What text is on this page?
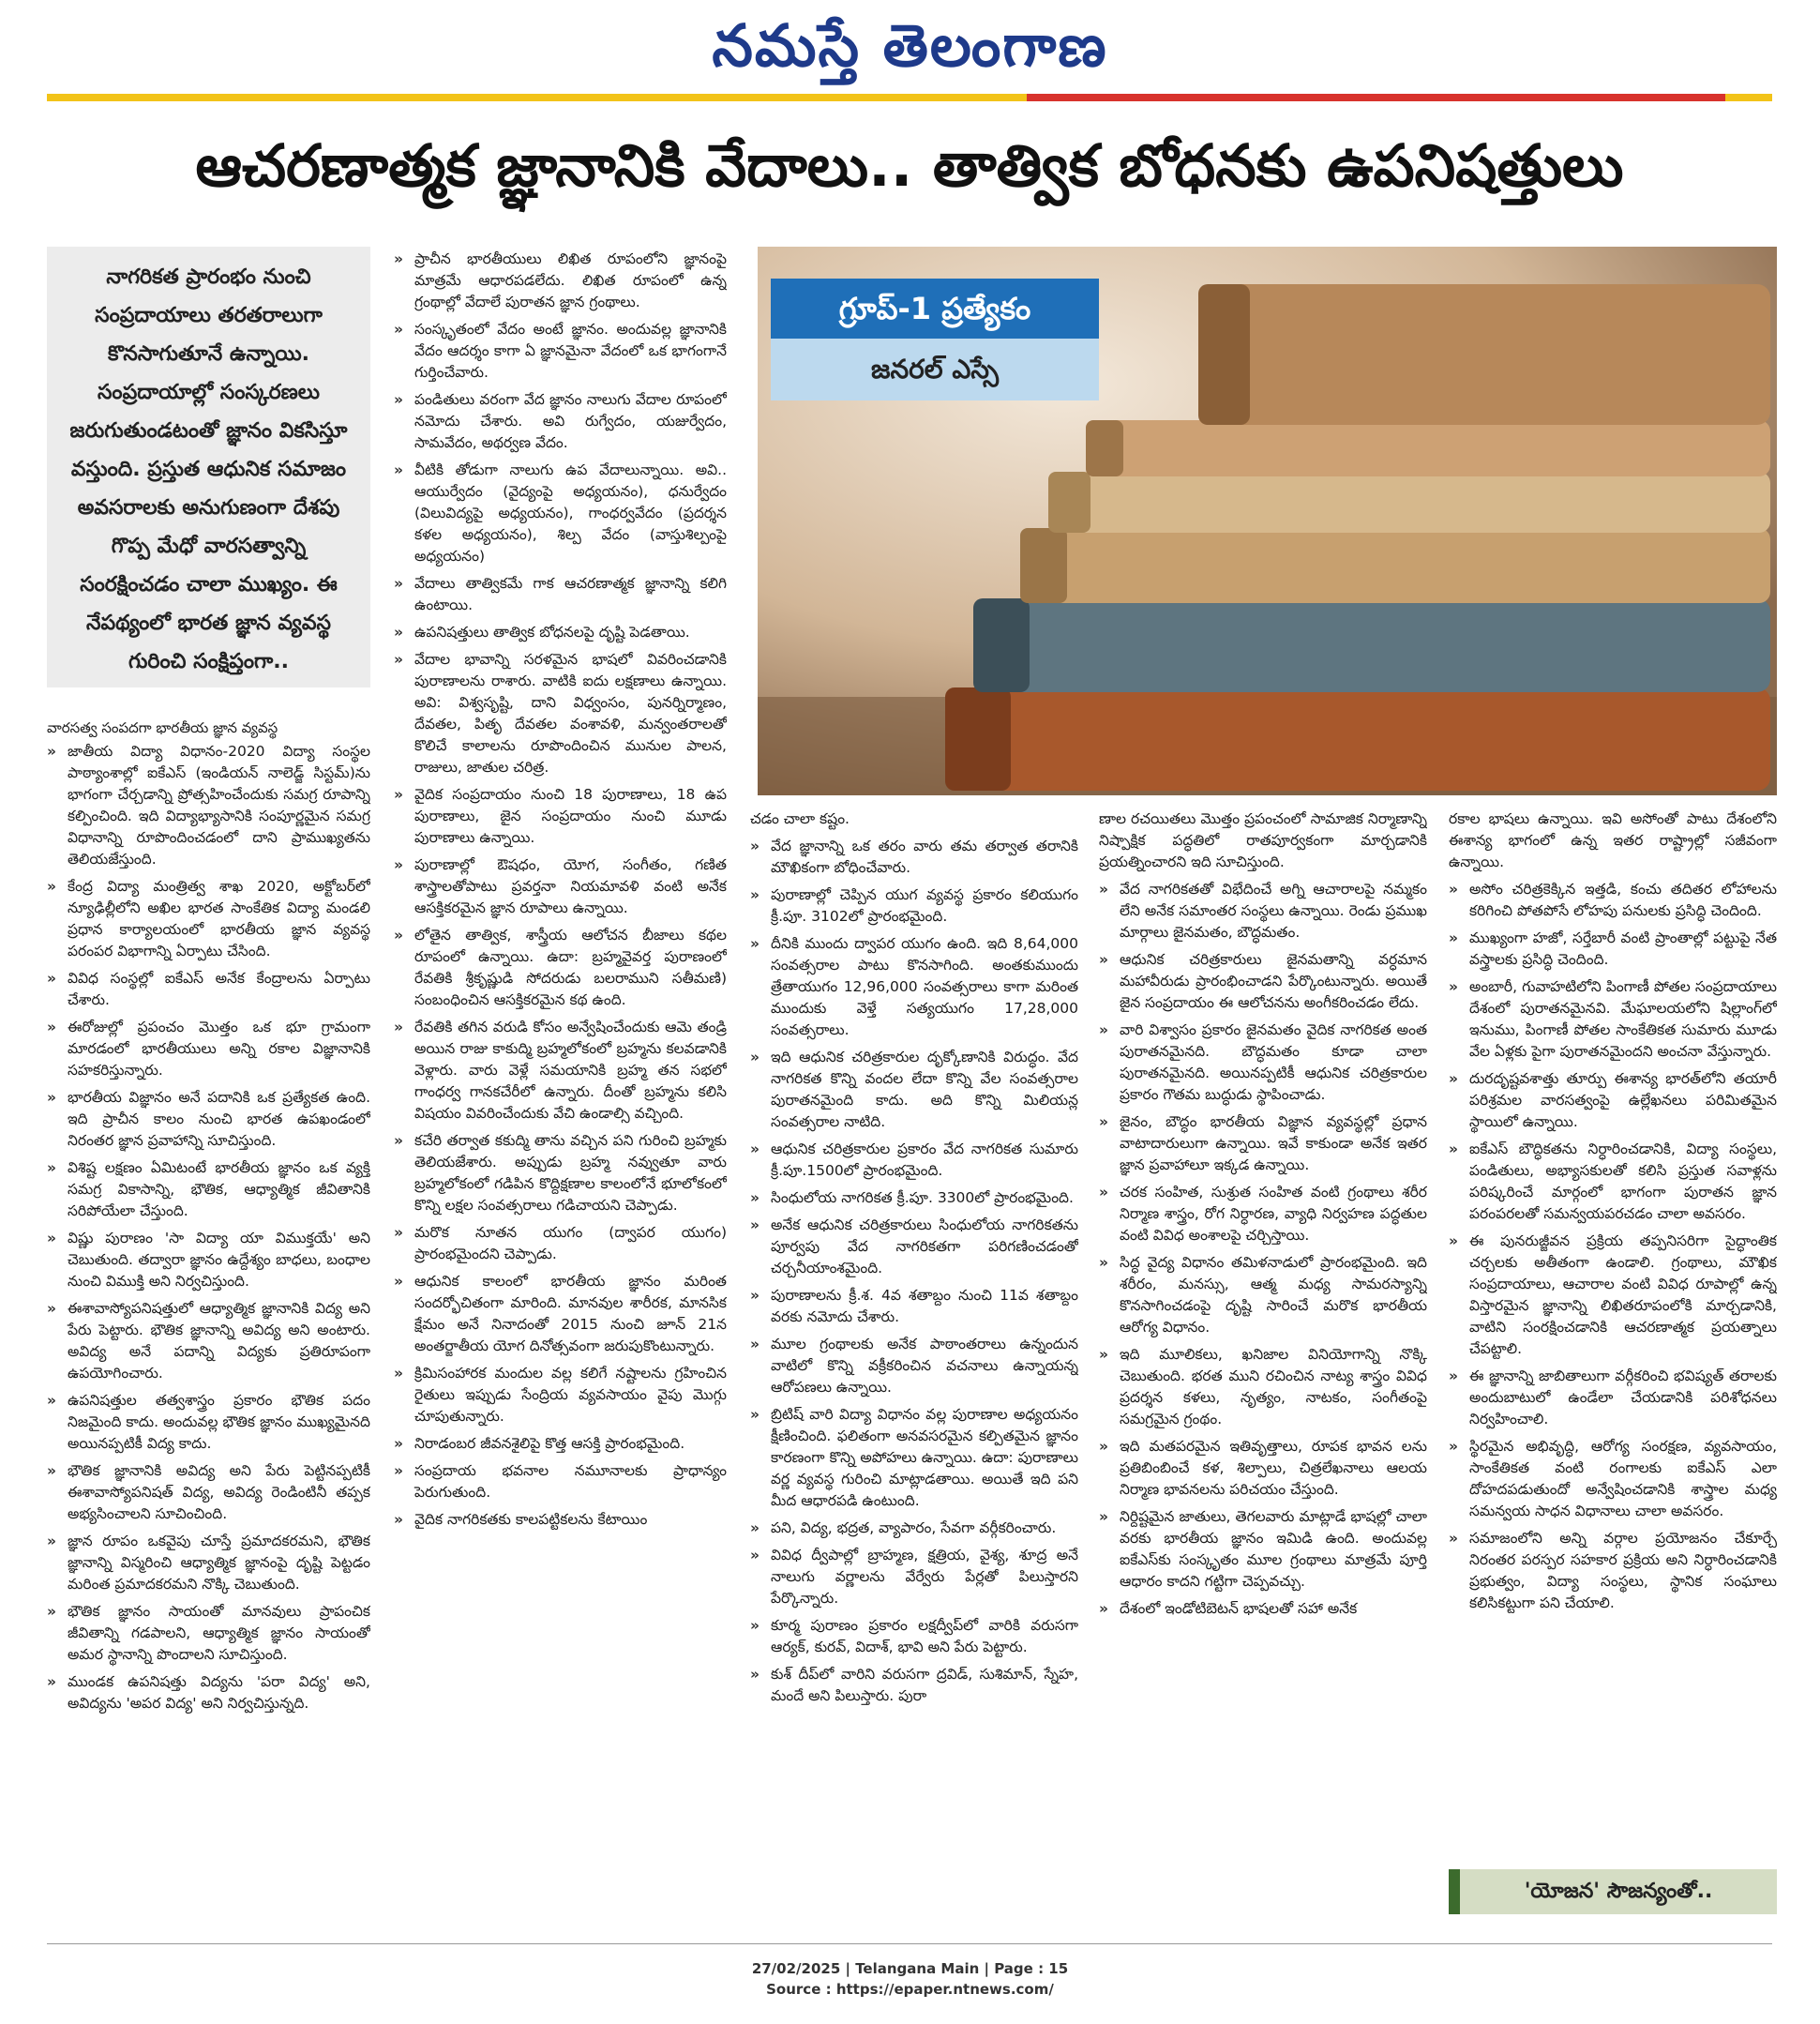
నమస్తే తెలంగాణ
ఆచరణాత్మక జ్ఞానానికి వేదాలు.. తాత్విక బోధనకు ఉపనిషత్తులు
నాగరికత ప్రారంభం నుంచి సంప్రదాయాలు తరతరాలుగా కొనసాగుతూనే ఉన్నాయి. సంప్రదాయాల్లో సంస్కరణలు జరుగుతుండటంతో జ్ఞానం వికసిస్తూ వస్తుంది. ప్రస్తుత ఆధునిక సమాజం అవసరాలకు అనుగుణంగా దేశపు గొప్ప మేధో వారసత్వాన్ని సంరక్షించడం చాలా ముఖ్యం. ఈ నేపథ్యంలో భారత జ్ఞాన వ్యవస్థ గురించి సంక్షిప్తంగా..
వారసత్వ సంపదగా భారతీయ జ్ఞాన వ్యవస్థ

» జాతీయ విద్యా విధానం-2020 విద్యా సంస్థల పాఠ్యాంశాల్లో ఐకేఎస్ (ఇండియన్ నాలెడ్జ్ సిస్టమ్)ను భాగంగా చేర్చడాన్ని ప్రోత్సహించేందుకు సమగ్ర రూపాన్ని కల్పించింది. ఇది విద్యాభ్యాసానికి సంపూర్ణమైన సమగ్ర విధానాన్ని రూపొందించడంలో దాని ప్రాముఖ్యతను తెలియజేస్తుంది.

» కేంద్ర విద్యా మంత్రిత్వ శాఖ 2020, అక్టోబర్‌లో న్యూఢిల్లీలోని అఖిల భారత సాంకేతిక విద్యా మండలి ప్రధాన కార్యాలయంలో భారతీయ జ్ఞాన వ్యవస్థ పరంపర విభాగాన్ని ఏర్పాటు చేసింది.

» వివిధ సంస్థల్లో ఐకేఎస్ అనేక కేంద్రాలను ఏర్పాటు చేశారు.

» ఈరోజుల్లో ప్రపంచం మొత్తం ఒక భూ గ్రామంగా మారడంలో భారతీయులు అన్ని రకాల విజ్ఞానానికి సహకరిస్తున్నారు.

» భారతీయ విజ్ఞానం అనే పదానికి ఒక ప్రత్యేకత ఉంది. ఇది ప్రాచీన కాలం నుంచి భారత ఉపఖండంలో నిరంతర జ్ఞాన ప్రవాహాన్ని సూచిస్తుంది.

» విశిష్ట లక్షణం ఏమిటంటే భారతీయ జ్ఞానం ఒక వ్యక్తి సమగ్ర వికాసాన్ని, భౌతిక, ఆధ్యాత్మిక జీవితానికి సరిపోయేలా చేస్తుంది.

» విష్ణు పురాణం 'సా విద్యా యా విముక్తయే' అని చెబుతుంది. తద్వారా జ్ఞానం ఉద్దేశ్యం బాధలు, బంధాల నుంచి విముక్తి అని నిర్వచిస్తుంది.

» ఈశావాస్యోపనిషత్తులో ఆధ్యాత్మిక జ్ఞానానికి విద్య అని పేరు పెట్టారు. భౌతిక జ్ఞానాన్ని అవిద్య అని అంటారు. అవిద్య అనే పదాన్ని విద్యకు ప్రతిరూపంగా ఉపయోగించారు.

» ఉపనిషత్తుల తత్వశాస్త్రం ప్రకారం భౌతిక పదం నిజమైంది కాదు. అందువల్ల భౌతిక జ్ఞానం ముఖ్యమైనది అయినప్పటికీ విద్య కాదు.

» భౌతిక జ్ఞానానికి అవిద్య అని పేరు పెట్టినప్పటికీ ఈశావాస్యోపనిషత్ విద్య, అవిద్య రెండింటినీ తప్పక అభ్యసించాలని సూచించింది.

» జ్ఞాన రూపం ఒకవైపు చూస్తే ప్రమాదకరమని, భౌతిక జ్ఞానాన్ని విస్మరించి ఆధ్యాత్మిక జ్ఞానంపై దృష్టి పెట్టడం మరింత ప్రమాదకరమని నొక్కి చెబుతుంది.

» భౌతిక జ్ఞానం సాయంతో మానవులు ప్రాపంచిక జీవితాన్ని గడపాలని, ఆధ్యాత్మిక జ్ఞానం సాయంతో అమర స్థానాన్ని పొందాలని సూచిస్తుంది.

» ముండక ఉపనిషత్తు విద్యను 'పరా విద్య' అని, అవిద్యను 'అపర విద్య' అని నిర్వచిస్తున్నది.

» ప్రాచీన భారతీయులు లిఖిత రూపంలోని జ్ఞానంపై మాత్రమే ఆధారపడలేదు. లిఖిత రూపంలో ఉన్న గ్రంథాల్లో వేదాలే పురాతన జ్ఞాన గ్రంథాలు.

» సంస్కృతంలో వేదం అంటే జ్ఞానం. అందువల్ల జ్ఞానానికి వేదం ఆదర్శం కాగా ఏ జ్ఞానమైనా వేదంలో ఒక భాగంగానే గుర్తించేవారు.

» పండితులు వరంగా వేద జ్ఞానం నాలుగు వేదాల రూపంలో నమోదు చేశారు. అవి రుగ్వేదం, యజుర్వేదం, సామవేదం, అథర్వణ వేదం.

» వీటికి తోడుగా నాలుగు ఉప వేదాలున్నాయి. అవి.. ఆయుర్వేదం (వైద్యంపై అధ్యయనం), ధనుర్వేదం (విలువిద్యపై అధ్యయనం), గాంధర్వవేదం (ప్రదర్శన కళల అధ్యయనం), శిల్ప వేదం (వాస్తుశిల్పంపై అధ్యయనం)

» వేదాలు తాత్వికమే గాక ఆచరణాత్మక జ్ఞానాన్ని కలిగి ఉంటాయి.

» ఉపనిషత్తులు తాత్విక బోధనలపై దృష్టి పెడతాయి.

» వేదాల భావాన్ని సరళమైన భాషలో వివరించడానికి పురాణాలను రాశారు. వాటికి ఐదు లక్షణాలు ఉన్నాయి. అవి: విశ్వసృష్టి, దాని విధ్వంసం, పునర్నిర్మాణం, దేవతల, పితృ దేవతల వంశావళి, మన్వంతరాలతో కొలిచే కాలాలను రూపొందించిన మునుల పాలన, రాజులు, జాతుల చరిత్ర.

» వైదిక సంప్రదాయం నుంచి 18 పురాణాలు, 18 ఉప పురాణాలు, జైన సంప్రదాయం నుంచి మూడు పురాణాలు ఉన్నాయి.

» పురాణాల్లో ఔషధం, యోగ, సంగీతం, గణిత శాస్త్రాలతోపాటు ప్రవర్తనా నియమావళి వంటి అనేక ఆసక్తికరమైన జ్ఞాన రూపాలు ఉన్నాయి.

» లోతైన తాత్విక, శాస్త్రీయ ఆలోచన బీజాలు కథల రూపంలో ఉన్నాయి. ఉదా: బ్రహ్మవైవర్త పురాణంలో రేవతికి శ్రీకృష్ణుడి సోదరుడు బలరాముని సతీమణి) సంబంధించిన ఆసక్తికరమైన కథ ఉంది.

» రేవతికి తగిన వరుడి కోసం అన్వేషించేందుకు ఆమె తండ్రి అయిన రాజు కాకుద్మి బ్రహ్మలోకంలో బ్రహ్మను కలవడానికి వెళ్లారు. వారు వెళ్లే సమయానికి బ్రహ్మ తన సభలో గాంధర్వ గానకచేరీలో ఉన్నారు. దీంతో బ్రహ్మను కలిసి విషయం వివరించేందుకు వేచి ఉండాల్సి వచ్చింది.

» కచేరి తర్వాత కకుద్మి తాను వచ్చిన పని గురించి బ్రహ్మకు తెలియజేశారు. అప్పుడు బ్రహ్మ నవ్వుతూ వారు బ్రహ్మలోకంలో గడిపిన కొద్దిక్షణాల కాలంలోనే భూలోకంలో కొన్ని లక్షల సంవత్సరాలు గడిచాయని చెప్పాడు.

» మరొక నూతన యుగం (ద్వాపర యుగం) ప్రారంభమైందని చెప్పాడు.

» ఆధునిక కాలంలో భారతీయ జ్ఞానం మరింత సందర్భోచితంగా మారింది. మానవుల శారీరక, మానసిక క్షేమం అనే నినాదంతో 2015 నుంచి జూన్ 21న అంతర్జాతీయ యోగ దినోత్సవంగా జరుపుకొంటున్నారు.

» క్రిమిసంహారక మందుల వల్ల కలిగే నష్టాలను గ్రహించిన రైతులు ఇప్పుడు సేంద్రియ వ్యవసాయం వైపు మొగ్గు చూపుతున్నారు.

» నిరాడంబర జీవనశైలిపై కొత్త ఆసక్తి ప్రారంభమైంది.

» సంప్రదాయ భవనాల నమూనాలకు ప్రాధాన్యం పెరుగుతుంది.

» వైదిక నాగరికతకు కాలపట్టికలను కేటాయిం

గ్రూప్-1 ప్రత్యేకం
జనరల్ ఎస్సే

చడం చాలా కష్టం.

» వేద జ్ఞానాన్ని ఒక తరం వారు తమ తర్వాత తరానికి మౌఖికంగా బోధించేవారు.

» పురాణాల్లో చెప్పిన యుగ వ్యవస్థ ప్రకారం కలియుగం క్రీ.పూ. 3102లో ప్రారంభమైంది.

» దీనికి ముందు ద్వాపర యుగం ఉంది. ఇది 8,64,000 సంవత్సరాల పాటు కొనసాగింది. అంతకుముందు త్రేతాయుగం 12,96,000 సంవత్సరాలు కాగా మరింత ముందుకు వెళ్తే సత్యయుగం 17,28,000 సంవత్సరాలు.

» ఇది ఆధునిక చరిత్రకారుల దృక్కోణానికి విరుద్ధం. వేద నాగరికత కొన్ని వందల లేదా కొన్ని వేల సంవత్సరాల పురాతనమైంది కాదు. అది కొన్ని మిలియన్ల సంవత్సరాల నాటిది.

» ఆధునిక చరిత్రకారుల ప్రకారం వేద నాగరికత సుమారు క్రీ.పూ.1500లో ప్రారంభమైంది.

» సింధులోయ నాగరికత క్రీ.పూ. 3300లో ప్రారంభమైంది.

» అనేక ఆధునిక చరిత్రకారులు సింధులోయ నాగరికతను పూర్వపు వేద నాగరికతగా పరిగణించడంతో చర్చనీయాంశమైంది.

» పురాణాలను క్రీ.శ. 4వ శతాబ్దం నుంచి 11వ శతాబ్దం వరకు నమోదు చేశారు.

» మూల గ్రంథాలకు అనేక పాఠాంతరాలు ఉన్నందున వాటిలో కొన్ని వక్రీకరించిన వచనాలు ఉన్నాయన్న ఆరోపణలు ఉన్నాయి.

» బ్రిటిష్ వారి విద్యా విధానం వల్ల పురాణాల అధ్యయనం క్షీణించింది. ఫలితంగా అనవసరమైన కల్పితమైన జ్ఞానం కారణంగా కొన్ని అపోహలు ఉన్నాయి. ఉదా: పురాణాలు వర్ణ వ్యవస్థ గురించి మాట్లాడతాయి. అయితే ఇది పని మీద ఆధారపడి ఉంటుంది.

» పని, విద్య, భద్రత, వ్యాపారం, సేవగా వర్గీకరించారు.

» వివిధ ద్వీపాల్లో బ్రాహ్మణ, క్షత్రియ, వైశ్య, శూద్ర అనే నాలుగు వర్ణాలను వేర్వేరు పేర్లతో పిలుస్తారని పేర్కొన్నారు.

» కూర్మ పురాణం ప్రకారం లక్షద్వీప్‌లో వారికి వరుసగా ఆర్యక్, కురవ్, విదాశ్, భావి అని పేరు పెట్టారు.

» కుశ్ దీప్‌లో వారిని వరుసగా ద్రవిడ్, సుశిమాన్, స్నేహ, మందే అని పిలుస్తారు. పురా

ణాల రచయితలు మొత్తం ప్రపంచంలో సామాజిక నిర్మాణాన్ని నిష్పాక్షిక పద్ధతిలో రాతపూర్వకంగా మార్చడానికి ప్రయత్నించారని ఇది సూచిస్తుంది.

» వేద నాగరికతతో విభేదించే అగ్ని ఆచారాలపై నమ్మకం లేని అనేక సమాంతర సంస్థలు ఉన్నాయి. రెండు ప్రముఖ మార్గాలు జైనమతం, బౌద్ధమతం.

» ఆధునిక చరిత్రకారులు జైనమతాన్ని వర్ధమాన మహావీరుడు ప్రారంభించాడని పేర్కొంటున్నారు. అయితే జైన సంప్రదాయం ఈ ఆలోచనను అంగీకరించడం లేదు.

» వారి విశ్వాసం ప్రకారం జైనమతం వైదిక నాగరికత అంత పురాతనమైనది. బౌద్ధమతం కూడా చాలా పురాతనమైనది. అయినప్పటికీ ఆధునిక చరిత్రకారుల ప్రకారం గౌతమ బుద్ధుడు స్థాపించాడు.

» జైనం, బౌద్ధం భారతీయ విజ్ఞాన వ్యవస్థల్లో ప్రధాన వాటాదారులుగా ఉన్నాయి. ఇవే కాకుండా అనేక ఇతర జ్ఞాన ప్రవాహాలూ ఇక్కడ ఉన్నాయి.

» చరక సంహిత, సుశ్రుత సంహిత వంటి గ్రంథాలు శరీర నిర్మాణ శాస్త్రం, రోగ నిర్ధారణ, వ్యాధి నిర్వహణ పద్ధతుల వంటి వివిధ అంశాలపై చర్చిస్తాయి.

» సిద్ధ వైద్య విధానం తమిళనాడులో ప్రారంభమైంది. ఇది శరీరం, మనస్సు, ఆత్మ మధ్య సామరస్యాన్ని కొనసాగించడంపై దృష్టి సారించే మరొక భారతీయ ఆరోగ్య విధానం.

» ఇది మూలికలు, ఖనిజాల వినియోగాన్ని నొక్కి చెబుతుంది. భరత ముని రచించిన నాట్య శాస్త్రం వివిధ ప్రదర్శన కళలు, నృత్యం, నాటకం, సంగీతంపై సమగ్రమైన గ్రంథం.

» ఇది మతపరమైన ఇతివృత్తాలు, రూపక భావన లను ప్రతిబింబించే కళ, శిల్పాలు, చిత్రలేఖనాలు ఆలయ నిర్మాణ భావనలను పరిచయం చేస్తుంది.

» నిర్దిష్టమైన జాతులు, తెగలవారు మాట్లాడే భాషల్లో చాలా వరకు భారతీయ జ్ఞానం ఇమిడి ఉంది. అందువల్ల ఐకేఎస్‌కు సంస్కృతం మూల గ్రంథాలు మాత్రమే పూర్తి ఆధారం కాదని గట్టిగా చెప్పవచ్చు.

» దేశంలో ఇండోటిబెటన్ భాషలతో సహా అనేక

రకాల భాషలు ఉన్నాయి. ఇవి అసోంతో పాటు దేశంలోని ఈశాన్య భాగంలో ఉన్న ఇతర రాష్ట్రాల్లో సజీవంగా ఉన్నాయి.

» అసోం చరిత్రకెక్కిన ఇత్తడి, కంచు తదితర లోహాలను కరిగించి పోతపోసే లోహపు పనులకు ప్రసిద్ధి చెందింది.

» ముఖ్యంగా హజో, సర్తేబారీ వంటి ప్రాంతాల్లో పట్టుపై నేత వస్త్రాలకు ప్రసిద్ధి చెందింది.

» అంబారీ, గువాహటిలోని పింగాణీ పోతల సంప్రదాయాలు దేశంలో పురాతనమైనవి. మేఘాలయలోని షిల్లాంగ్‌లో ఇనుము, పింగాణీ పోతల సాంకేతికత సుమారు మూడు వేల ఏళ్లకు పైగా పురాతనమైందని అంచనా వేస్తున్నారు.

» దురదృష్టవశాత్తు తూర్పు ఈశాన్య భారత్‌లోని తయారీ పరిశ్రమల వారసత్వంపై ఉల్లేఖనలు పరిమితమైన స్థాయిలో ఉన్నాయి.

» ఐకేఎస్ బౌద్ధికతను నిర్ధారించడానికి, విద్యా సంస్థలు, పండితులు, అభ్యాసకులతో కలిసి ప్రస్తుత సవాళ్లను పరిష్కరించే మార్గంలో భాగంగా పురాతన జ్ఞాన పరంపరలతో సమన్వయపరచడం చాలా అవసరం.

» ఈ పునరుజ్జీవన ప్రక్రియ తప్పనిసరిగా సైద్ధాంతిక చర్చలకు అతీతంగా ఉండాలి. గ్రంథాలు, మౌఖిక సంప్రదాయాలు, ఆచారాల వంటి వివిధ రూపాల్లో ఉన్న విస్తారమైన జ్ఞానాన్ని లిఖితరూపంలోకి మార్చడానికి, వాటిని సంరక్షించడానికి ఆచరణాత్మక ప్రయత్నాలు చేపట్టాలి.

» ఈ జ్ఞానాన్ని జాబితాలుగా వర్గీకరించి భవిష్యత్ తరాలకు అందుబాటులో ఉండేలా చేయడానికి పరిశోధనలు నిర్వహించాలి.

» స్థిరమైన అభివృద్ధి, ఆరోగ్య సంరక్షణ, వ్యవసాయం, సాంకేతికత వంటి రంగాలకు ఐకేఎస్ ఎలా దోహదపడుతుందో అన్వేషించడానికి శాస్త్రాల మధ్య సమన్వయ సాధన విధానాలు చాలా అవసరం.

» సమాజంలోని అన్ని వర్గాల ప్రయోజనం చేకూర్చే నిరంతర పరస్పర సహకార ప్రక్రియ అని నిర్ధారించడానికి ప్రభుత్వం, విద్యా సంస్థలు, స్థానిక సంఘాలు కలిసికట్టుగా పని చేయాలి.

'యోజన' సౌజన్యంతో..
27/02/2025 | Telangana Main | Page : 15
Source : https://epaper.ntnews.com/
